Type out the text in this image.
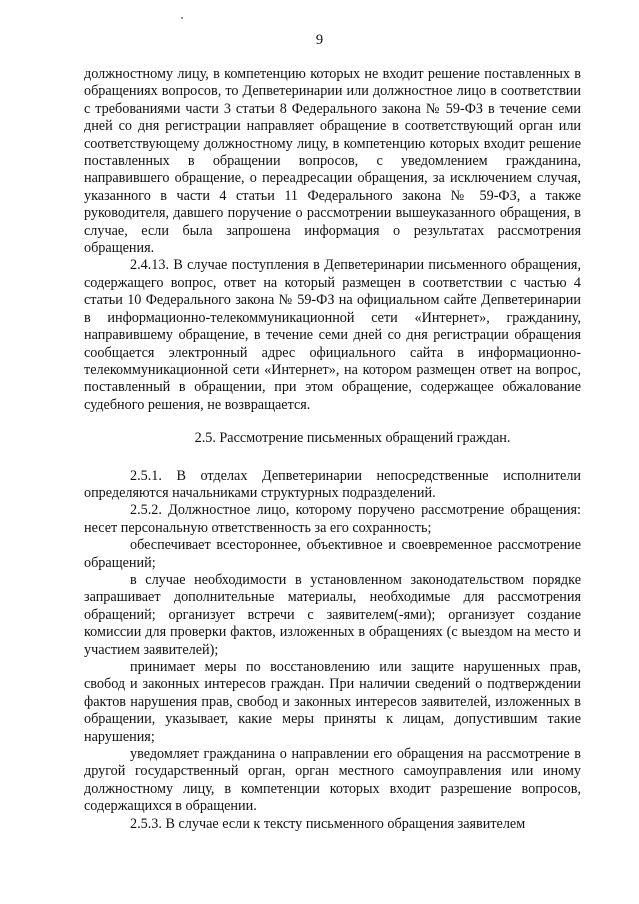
9

должностному лицу, в компетенцию которых не входит решение поставленных в обращениях вопросов, то Депветеринарии или должностное лицо в соответствии с требованиями части 3 статьи 8 Федерального закона № 59-ФЗ в течение семи дней со дня регистрации направляет обращение в соответствующий орган или соответствующему должностному лицу, в компетенцию которых входит решение поставленных в обращении вопросов, с уведомлением гражданина, направившего обращение, о переадресации обращения, за исключением случая, указанного в части 4 статьи 11 Федерального закона № 59-ФЗ, а также руководителя, давшего поручение о рассмотрении вышеуказанного обращения, в случае, если была запрошена информация о результатах рассмотрения обращения.

2.4.13. В случае поступления в Депветеринарии письменного обращения, содержащего вопрос, ответ на который размещен в соответствии с частью 4 статьи 10 Федерального закона № 59-ФЗ на официальном сайте Депветеринарии в информационно-телекоммуникационной сети «Интернет», гражданину, направившему обращение, в течение семи дней со дня регистрации обращения сообщается электронный адрес официального сайта в информационно-телекоммуникационной сети «Интернет», на котором размещен ответ на вопрос, поставленный в обращении, при этом обращение, содержащее обжалование судебного решения, не возвращается.

2.5. Рассмотрение письменных обращений граждан.

2.5.1. В отделах Депветеринарии непосредственные исполнители определяются начальниками структурных подразделений.

2.5.2. Должностное лицо, которому поручено рассмотрение обращения: несет персональную ответственность за его сохранность;

обеспечивает всестороннее, объективное и своевременное рассмотрение обращений;

в случае необходимости в установленном законодательством порядке запрашивает дополнительные материалы, необходимые для рассмотрения обращений; организует встречи с заявителем(-ями); организует создание комиссии для проверки фактов, изложенных в обращениях (с выездом на место и участием заявителей);

принимает меры по восстановлению или защите нарушенных прав, свобод и законных интересов граждан. При наличии сведений о подтверждении фактов нарушения прав, свобод и законных интересов заявителей, изложенных в обращении, указывает, какие меры приняты к лицам, допустившим такие нарушения;

уведомляет гражданина о направлении его обращения на рассмотрение в другой государственный орган, орган местного самоуправления или иному должностному лицу, в компетенции которых входит разрешение вопросов, содержащихся в обращении.

2.5.3. В случае если к тексту письменного обращения заявителем
